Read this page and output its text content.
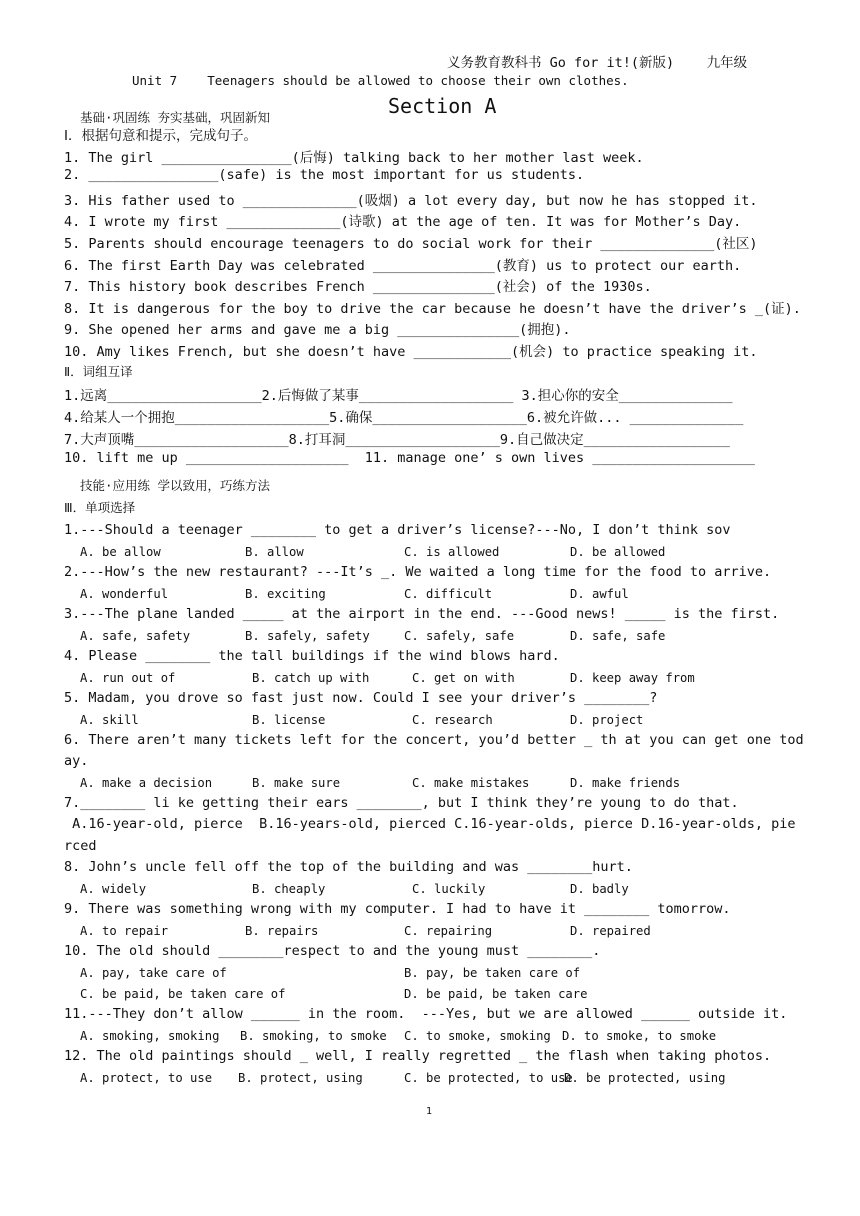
义务教育教科书 Go for it!(新版)    九年级
Unit 7    Teenagers should be allowed to choose their own clothes.
Section A
基础·巩固练 夯实基础，巩固新知
Ⅰ．根据句意和提示，完成句子。
1. The girl ________________(后悔) talking back to her mother last week.
2. ________________(safe) is the most important for us students.
3. His father used to ______________(吸烟) a lot every day, but now he has stopped it.
4. I wrote my first ______________(诗歌) at the age of ten. It was for Mother’s Day.
5. Parents should encourage teenagers to do social work for their ______________(社区)
6. The first Earth Day was celebrated _______________(教育) us to protect our earth.
7. This history book describes French _______________(社会) of the 1930s.
8. It is dangerous for the boy to drive the car because he doesn’t have the driver’s _(证).
9. She opened her arms and gave me a big _______________(拥抱).
10. Amy likes French, but she doesn’t have ____________(机会) to practice speaking it.
Ⅱ．词组互译
1.远离___________________2.后悔做了某事___________________ 3.担心你的安全______________
4.给某人一个拥抱___________________5.确保___________________6.被允许做... ______________
7.大声顶嘴___________________8.打耳洞___________________9.自己做决定__________________
10. lift me up ____________________  11. manage one’ s own lives ____________________
技能·应用练 学以致用，巧练方法
Ⅲ．单项选择
1.---Should a teenager ________ to get a driver’s license?---No, I don’t think sov
A. be allow	B. allow	C. is allowed	D. be allowed
2.---How’s the new restaurant? ---It’s _. We waited a long time for the food to arrive.
A. wonderful	B. exciting	C. difficult	D. awful
3.---The plane landed _____ at the airport in the end. ---Good news! _____ is the first.
A. safe, safety	B. safely, safety	C. safely, safe	D. safe, safe
4. Please ________ the tall buildings if the wind blows hard.
A. run out of	B. catch up with	C. get on with	D. keep away from
5. Madam, you drove so fast just now. Could I see your driver’s ________?
A. skill	B. license	C. research	D. project
6. There aren’t many tickets left for the concert, you’d better _ th at you can get one tod
ay.
A. make a decision	B. make sure	C. make mistakes	D. make friends
7.________ li ke getting their ears ________, but I think they’re young to do that.
A.16-year-old, pierce  B.16-years-old, pierced C.16-year-olds, pierce D.16-year-olds, pie
rced
8. John’s uncle fell off the top of the building and was ________hurt.
A. widely	B. cheaply	C. luckily	D. badly
9. There was something wrong with my computer. I had to have it ________ tomorrow.
A. to repair	B. repairs	C. repairing	D. repaired
10. The old should ________respect to and the young must ________.
A. pay, take care of	B. pay, be taken care of
C. be paid, be taken care of	D. be paid, be taken care
11.---They don’t allow ______ in the room.  ---Yes, but we are allowed ______ outside it.
A. smoking, smoking B. smoking, to smoke C. to smoke, smoking D. to smoke, to smoke
12. The old paintings should _ well, I really regretted _ the flash when taking photos.
A. protect, to use B. protect, using	C. be protected, to use
D. be protected, using
1
